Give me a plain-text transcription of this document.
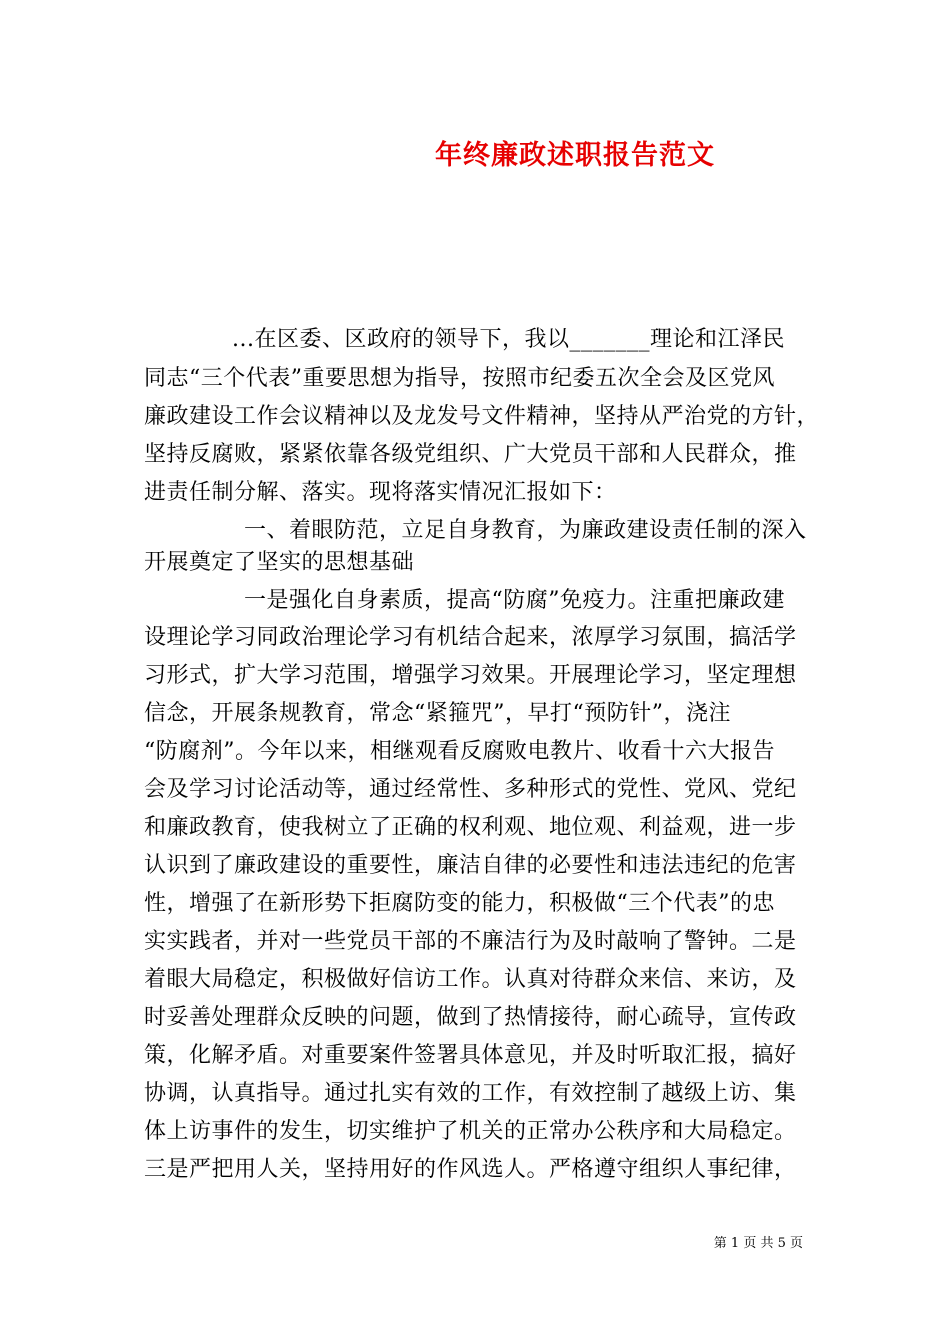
年终廉政述职报告范文
...在区委、区政府的领导下，我以_______理论和江泽民
同志“三个代表”重要思想为指导，按照市纪委五次全会及区党风
廉政建设工作会议精神以及龙发号文件精神，坚持从严治党的方针，
坚持反腐败，紧紧依靠各级党组织、广大党员干部和人民群众，推
进责任制分解、落实。现将落实情况汇报如下：
一、着眼防范，立足自身教育，为廉政建设责任制的深入
开展奠定了坚实的思想基础
一是强化自身素质，提高“防腐”免疫力。注重把廉政建
设理论学习同政治理论学习有机结合起来，浓厚学习氛围，搞活学
习形式，扩大学习范围，增强学习效果。开展理论学习，坚定理想
信念，开展条规教育，常念“紧箍咒”，早打“预防针”，浇注
“防腐剂”。今年以来，相继观看反腐败电教片、收看十六大报告
会及学习讨论活动等，通过经常性、多种形式的党性、党风、党纪
和廉政教育，使我树立了正确的权利观、地位观、利益观，进一步
认识到了廉政建设的重要性，廉洁自律的必要性和违法违纪的危害
性，增强了在新形势下拒腐防变的能力，积极做“三个代表”的忠
实实践者，并对一些党员干部的不廉洁行为及时敲响了警钟。二是
着眼大局稳定，积极做好信访工作。认真对待群众来信、来访，及
时妥善处理群众反映的问题，做到了热情接待，耐心疏导，宣传政
策，化解矛盾。对重要案件签署具体意见，并及时听取汇报，搞好
协调，认真指导。通过扎实有效的工作，有效控制了越级上访、集
体上访事件的发生，切实维护了机关的正常办公秩序和大局稳定。
三是严把用人关，坚持用好的作风选人。严格遵守组织人事纪律，
第 1 页 共 5 页
